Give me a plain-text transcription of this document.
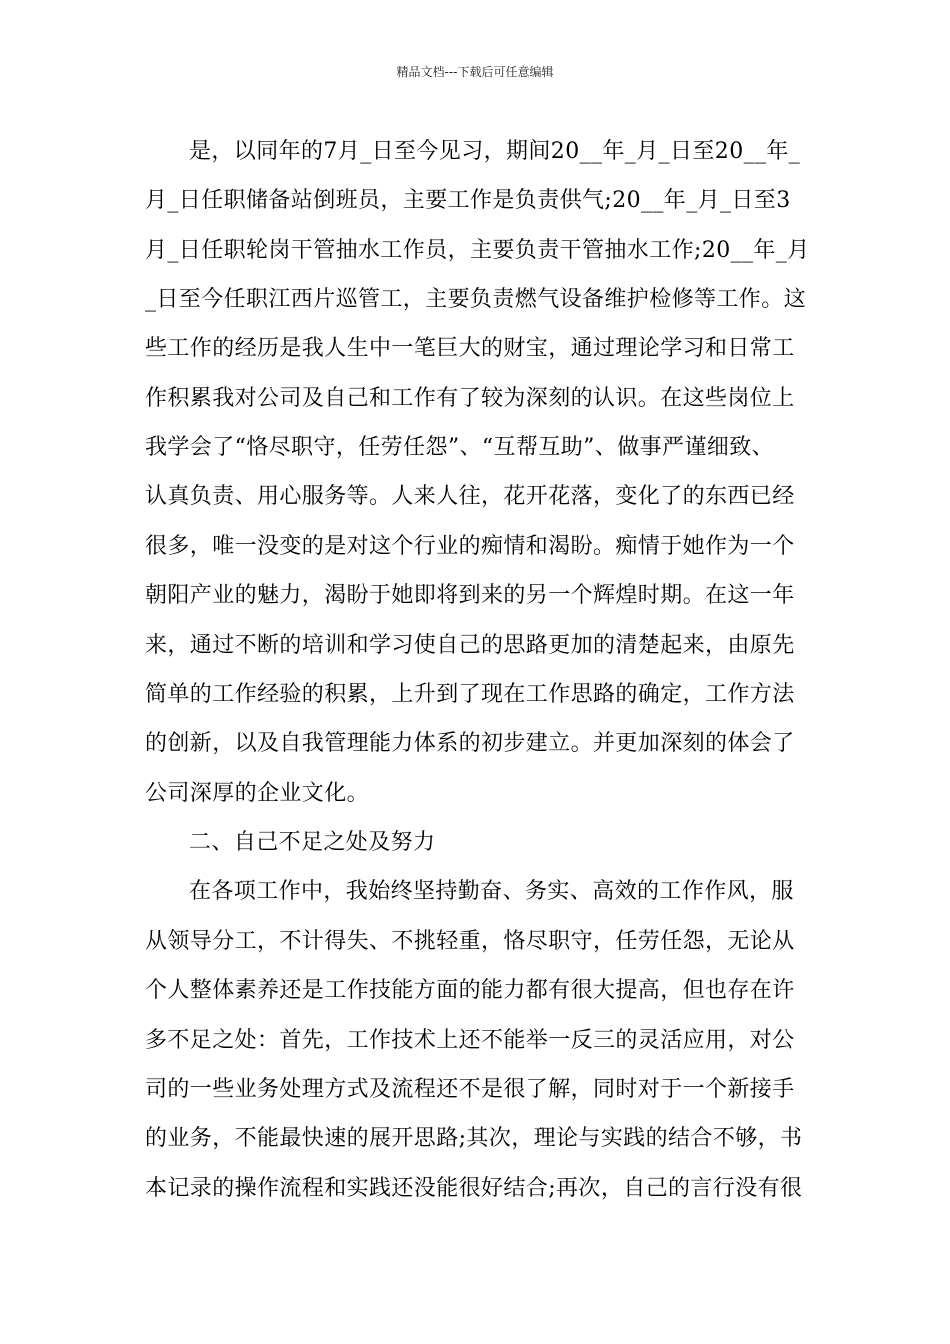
精品文档---下载后可任意编辑
是，以同年的7月_日至今见习，期间20__年_月_日至20__年_
月_日任职储备站倒班员，主要工作是负责供气;20__年_月_日至3
月_日任职轮岗干管抽水工作员，主要负责干管抽水工作;20__年_月
_日至今任职江西片巡管工，主要负责燃气设备维护检修等工作。这
些工作的经历是我人生中一笔巨大的财宝，通过理论学习和日常工
作积累我对公司及自己和工作有了较为深刻的认识。在这些岗位上
我学会了“恪尽职守，任劳任怨”、“互帮互助”、做事严谨细致、
认真负责、用心服务等。人来人往，花开花落，变化了的东西已经
很多，唯一没变的是对这个行业的痴情和渴盼。痴情于她作为一个
朝阳产业的魅力，渴盼于她即将到来的另一个辉煌时期。在这一年
来，通过不断的培训和学习使自己的思路更加的清楚起来，由原先
简单的工作经验的积累，上升到了现在工作思路的确定，工作方法
的创新，以及自我管理能力体系的初步建立。并更加深刻的体会了
公司深厚的企业文化。
二、自己不足之处及努力
在各项工作中，我始终坚持勤奋、务实、高效的工作作风，服
从领导分工，不计得失、不挑轻重，恪尽职守，任劳任怨，无论从
个人整体素养还是工作技能方面的能力都有很大提高，但也存在许
多不足之处：首先，工作技术上还不能举一反三的灵活应用，对公
司的一些业务处理方式及流程还不是很了解，同时对于一个新接手
的业务，不能最快速的展开思路;其次，理论与实践的结合不够，书
本记录的操作流程和实践还没能很好结合;再次，自己的言行没有很
